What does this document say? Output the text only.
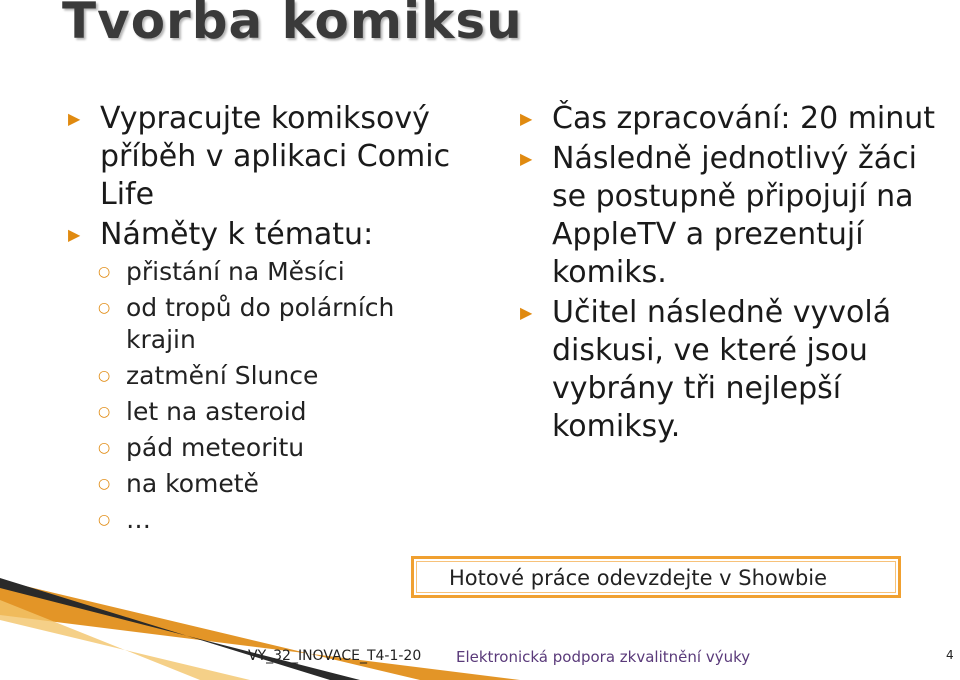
Tvorba komiksu
▶ Vypracujte komiksový příběh v aplikaci Comic Life
▶ Náměty k tématu:
○ přistání na Měsíci
○ od tropů do polárních krajin
○ zatmění Slunce
○ let na asteroid
○ pád meteoritu
○ na kometě
○ …
▶ Čas zpracování: 20 minut
▶ Následně jednotlivý žáci se postupně připojují na AppleTV a prezentují komiks.
▶ Učitel následně vyvolá diskusi, ve které jsou vybrány tři nejlepší komiksy.
Hotové práce odevzdejte v Showbie
VY_32_INOVACE_T4-1-20 Elektronická podpora zkvalitnění výuky	4
